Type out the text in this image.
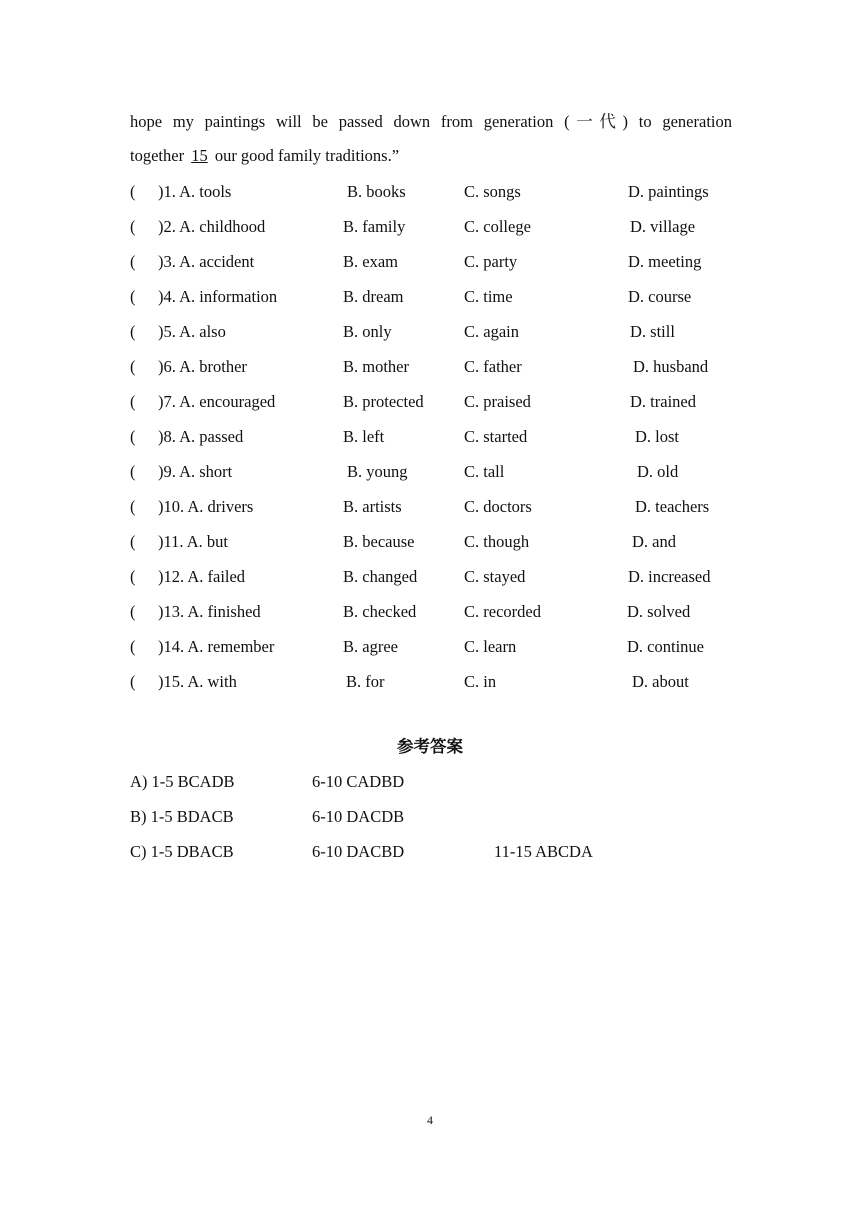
hope my paintings will be passed down from generation (一代) to generation
together 15 our good family traditions.”
( )1. A. tools	B. books	C. songs	D. paintings
( )2. A. childhood	B. family	C. college	D. village
( )3. A. accident	B. exam	C. party	D. meeting
( )4. A. information	B. dream	C. time	D. course
( )5. A. also	B. only	C. again	D. still
( )6. A. brother	B. mother	C. father	D. husband
( )7. A. encouraged	B. protected C. praised	D. trained
( )8. A. passed	B. left	C. started	D. lost
( )9. A. short	B. young	C. tall	D. old
( )10. A. drivers	B. artists	C. doctors	D. teachers
( )11. A. but	B. because	C. though	D. and
( )12. A. failed	B. changed	C. stayed	D. increased
( )13. A. finished	B. checked	C. recorded	D. solved
( )14. A. remember	B. agree	C. learn	D. continue
( )15. A. with	B. for	C. in	D. about
参考答案
A) 1-5 BCADB	6-10 CADBD
B) 1-5 BDACB	6-10 DACDB
C) 1-5 DBACB	6-10 DACBD	11-15 ABCDA
4
